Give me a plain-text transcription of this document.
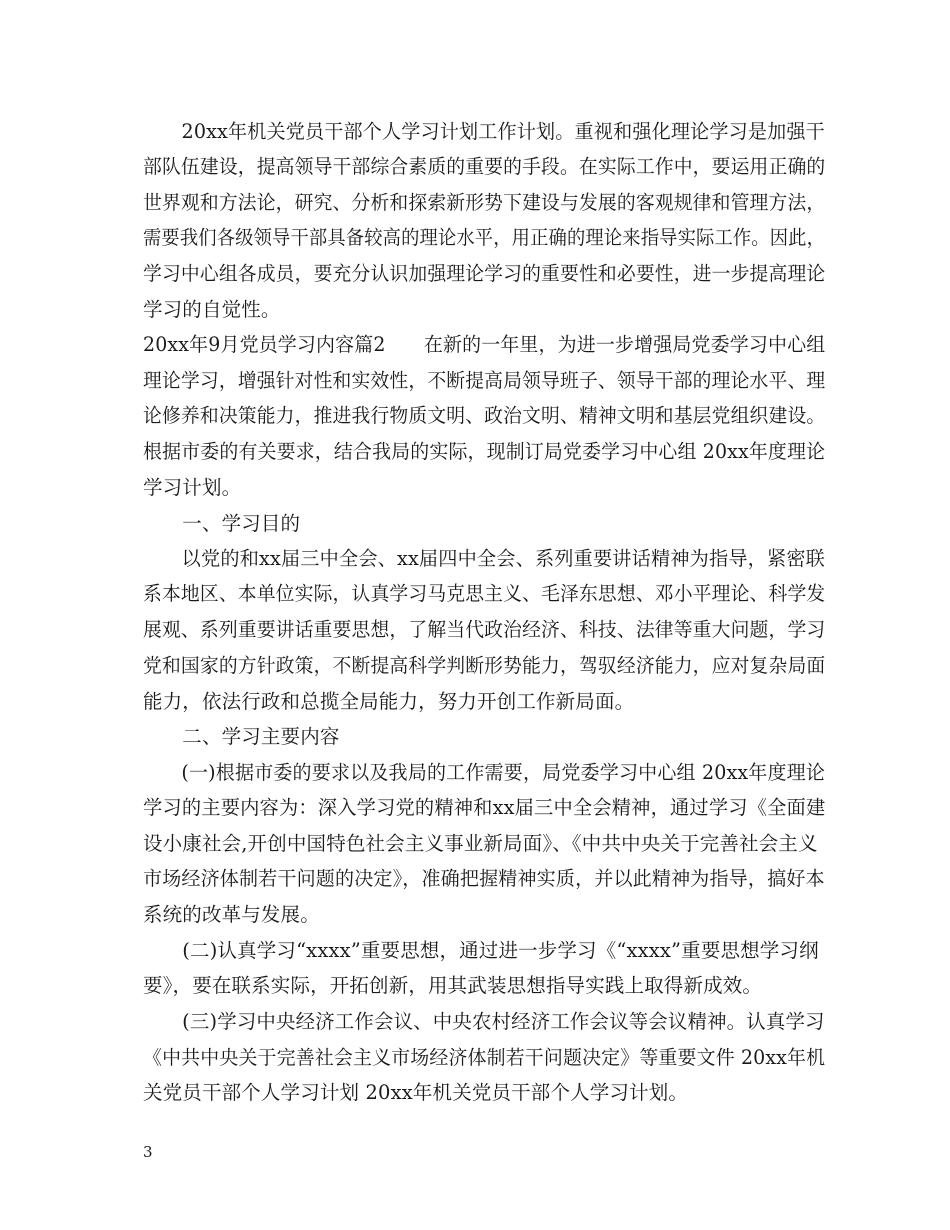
　　20xx年机关党员干部个人学习计划工作计划。重视和强化理论学习是加强干
部队伍建设，提高领导干部综合素质的重要的手段。在实际工作中，要运用正确的
世界观和方法论，研究、分析和探索新形势下建设与发展的客观规律和管理方法，
需要我们各级领导干部具备较高的理论水平，用正确的理论来指导实际工作。因此，
学习中心组各成员，要充分认识加强理论学习的重要性和必要性，进一步提高理论
学习的自觉性。
20xx年9月党员学习内容篇2　　在新的一年里，为进一步增强局党委学习中心组
理论学习，增强针对性和实效性，不断提高局领导班子、领导干部的理论水平、理
论修养和决策能力，推进我行物质文明、政治文明、精神文明和基层党组织建设。
根据市委的有关要求，结合我局的实际，现制订局党委学习中心组 20xx年度理论
学习计划。
　　一、学习目的
　　以党的和xx届三中全会、xx届四中全会、系列重要讲话精神为指导，紧密联
系本地区、本单位实际，认真学习马克思主义、毛泽东思想、邓小平理论、科学发
展观、系列重要讲话重要思想，了解当代政治经济、科技、法律等重大问题，学习
党和国家的方针政策，不断提高科学判断形势能力，驾驭经济能力，应对复杂局面
能力，依法行政和总揽全局能力，努力开创工作新局面。
　　二、学习主要内容
　　(一)根据市委的要求以及我局的工作需要，局党委学习中心组 20xx年度理论
学习的主要内容为：深入学习党的精神和xx届三中全会精神，通过学习《全面建
设小康社会,开创中国特色社会主义事业新局面》、《中共中央关于完善社会主义
市场经济体制若干问题的决定》，准确把握精神实质，并以此精神为指导，搞好本
系统的改革与发展。
　　(二)认真学习“xxxx”重要思想，通过进一步学习《“xxxx”重要思想学习纲
要》，要在联系实际，开拓创新，用其武装思想指导实践上取得新成效。
　　(三)学习中央经济工作会议、中央农村经济工作会议等会议精神。认真学习
《中共中央关于完善社会主义市场经济体制若干问题决定》等重要文件 20xx年机
关党员干部个人学习计划 20xx年机关党员干部个人学习计划。
3
